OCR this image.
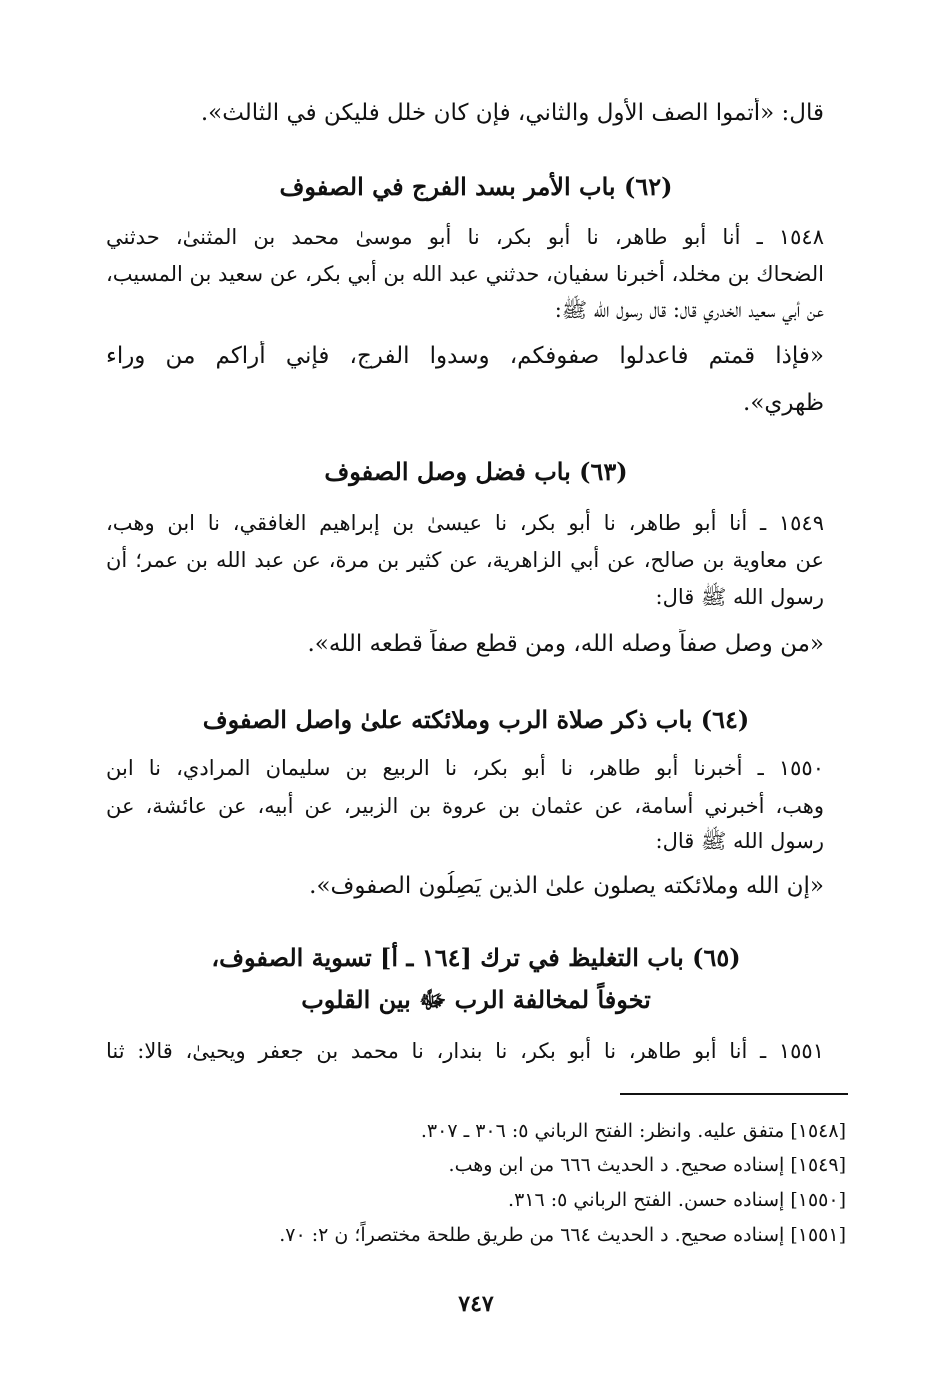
قال: «أتموا الصف الأول والثاني، فإن كان خلل فليكن في الثالث».
(٦٢) باب الأمر بسد الفرج في الصفوف
١٥٤٨ ـ أنا أبو طاهر، نا أبو بكر، نا أبو موسىٰ محمد بن المثنىٰ، حدثني
الضحاك بن مخلد، أخبرنا سفيان، حدثني عبد الله بن أبي بكر، عن سعيد بن المسيب،
عن أبي سعيد الخدري قال: قال رسول الله ﷺ:
«فإذا قمتم فاعدلوا صفوفكم، وسدوا الفرج، فإني أراكم من وراء
ظهري».
(٦٣) باب فضل وصل الصفوف
١٥٤٩ ـ أنا أبو طاهر، نا أبو بكر، نا عيسىٰ بن إبراهيم الغافقي، نا ابن وهب،
عن معاوية بن صالح، عن أبي الزاهرية، عن كثير بن مرة، عن عبد الله بن عمر؛ أن
رسول الله ﷺ قال:
«من وصل صفاً وصله الله، ومن قطع صفاً قطعه الله».
(٦٤) باب ذكر صلاة الرب وملائكته علىٰ واصل الصفوف
١٥٥٠ ـ أخبرنا أبو طاهر، نا أبو بكر، نا الربيع بن سليمان المرادي، نا ابن
وهب، أخبرني أسامة، عن عثمان بن عروة بن الزبير، عن أبيه، عن عائشة، عن
رسول الله ﷺ قال:
«إن الله وملائكته يصلون علىٰ الذين يَصِلُون الصفوف».
(٦٥) باب التغليظ في ترك [١٦٤ ـ أ] تسوية الصفوف،
تخوفاً لمخالفة الرب ﷻ بين القلوب
١٥٥١ ـ أنا أبو طاهر، نا أبو بكر، نا بندار، نا محمد بن جعفر ويحيىٰ، قالا: ثنا
[١٥٤٨] متفق عليه. وانظر: الفتح الرباني ٥: ٣٠٦ ـ ٣٠٧.
[١٥٤٩] إسناده صحيح. د الحديث ٦٦٦ من ابن وهب.
[١٥٥٠] إسناده حسن. الفتح الرباني ٥: ٣١٦.
[١٥٥١] إسناده صحيح. د الحديث ٦٦٤ من طريق طلحة مختصراً؛ ن ٢: ٧٠.
٧٤٧
